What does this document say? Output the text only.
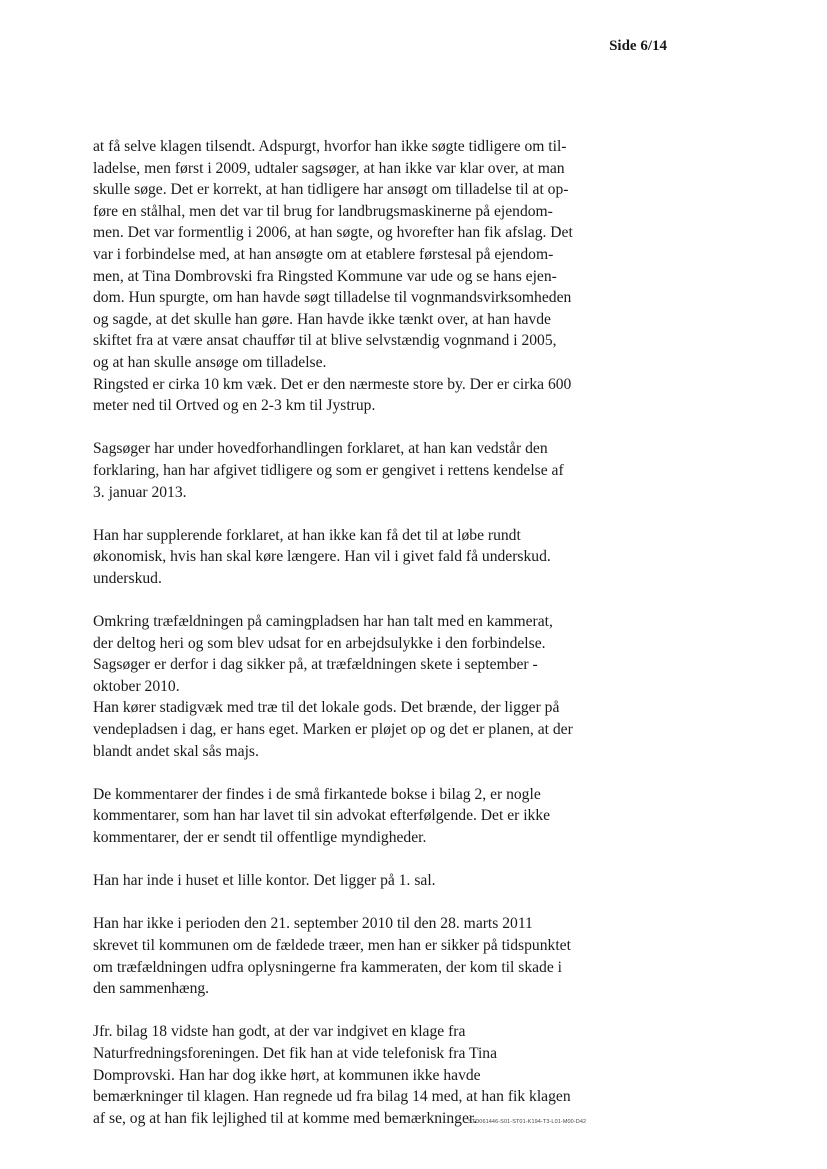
Side 6/14
at få selve klagen tilsendt. Adspurgt, hvorfor han ikke søgte tidligere om til-
ladelse, men først i 2009, udtaler sagsøger, at han ikke var klar over, at man
skulle søge. Det er korrekt, at han tidligere har ansøgt om tilladelse til at op-
føre en stålhal, men det var til brug for landbrugsmaskinerne på ejendom-
men. Det var formentlig i 2006, at han søgte, og hvorefter han fik afslag. Det
var i forbindelse med, at han ansøgte om at etablere førstesal på ejendom-
men, at Tina Dombrovski fra Ringsted Kommune var ude og se hans ejen-
dom. Hun spurgte, om han havde søgt tilladelse til vognmandsvirksomheden
og sagde, at det skulle han gøre. Han havde ikke tænkt over, at han havde
skiftet fra at være ansat chauffør til at blive selvstændig vognmand i 2005,
og at han skulle ansøge om tilladelse.
Ringsted er cirka 10 km væk. Det er den nærmeste store by. Der er cirka 600
meter ned til Ortved og en 2-3 km til Jystrup.
Sagsøger har under hovedforhandlingen forklaret, at han kan vedstår den
forklaring, han har afgivet tidligere og som er gengivet i rettens kendelse af
3. januar 2013.
Han har supplerende forklaret, at han ikke kan få det til at løbe rundt
økonomisk, hvis han skal køre længere. Han vil i givet fald få underskud.
underskud.
Omkring træfældningen på camingpladsen har han talt med en kammerat,
der deltog heri og som blev udsat for en arbejdsulykke i den forbindelse.
Sagsøger er derfor i dag sikker på, at træfældningen skete i september -
oktober 2010.
Han kører stadigvæk med træ til det lokale gods. Det brænde, der ligger på
vendepladsen i dag, er hans eget. Marken er pløjet op og det er planen, at der
blandt andet skal sås majs.
De kommentarer der findes i de små firkantede bokse i bilag 2, er nogle
kommentarer, som han har lavet til sin advokat efterfølgende. Det er ikke
kommentarer, der er sendt til offentlige myndigheder.
Han har inde i huset et lille kontor. Det ligger på 1. sal.
Han har ikke i perioden den 21. september 2010 til den 28. marts 2011
skrevet til kommunen om de fældede træer, men han er sikker på tidspunktet
om træfældningen udfra oplysningerne fra kammeraten, der kom til skade i
den sammenhæng.
Jfr. bilag 18 vidste han godt, at der var indgivet en klage fra
Naturfredningsforeningen. Det fik han at vide telefonisk fra Tina
Domprovski. Han har dog ikke hørt, at kommunen ikke havde
bemærkninger til klagen. Han regnede ud fra bilag 14 med, at han fik klagen
af se, og at han fik lejlighed til at komme med bemærkninger.
STD061446-S01-ST01-K194-T3-L01-M00-D42
